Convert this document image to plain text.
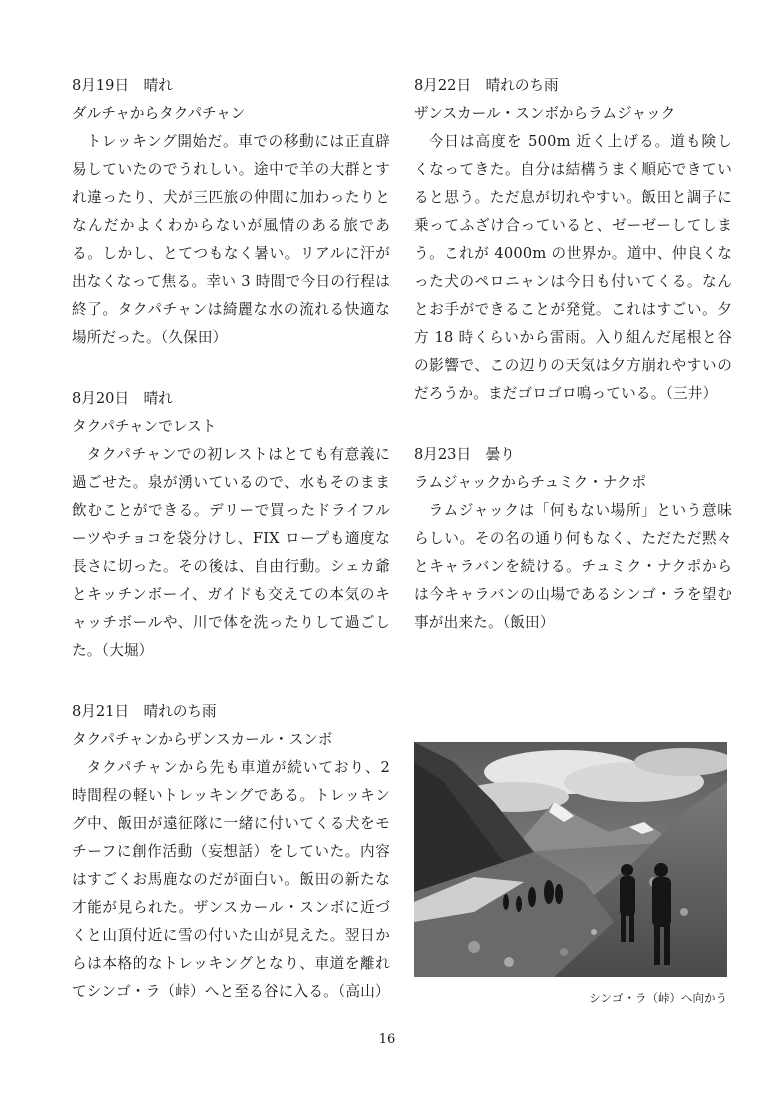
8月19日　晴れ
ダルチャからタクパチャン
トレッキング開始だ。車での移動には正直辟易していたのでうれしい。途中で羊の大群とすれ違ったり、犬が三匹旅の仲間に加わったりとなんだかよくわからないが風情のある旅である。しかし、とてつもなく暑い。リアルに汗が出なくなって焦る。幸い 3 時間で今日の行程は終了。タクパチャンは綺麗な水の流れる快適な場所だった。（久保田）
8月20日　晴れ
タクパチャンでレスト
タクパチャンでの初レストはとても有意義に過ごせた。泉が湧いているので、水もそのまま飲むことができる。デリーで買ったドライフルーツやチョコを袋分けし、FIX ロープも適度な長さに切った。その後は、自由行動。シェカ爺とキッチンボーイ、ガイドも交えての本気のキャッチボールや、川で体を洗ったりして過ごした。（大堀）
8月21日　晴れのち雨
タクパチャンからザンスカール・スンボ
タクパチャンから先も車道が続いており、2 時間程の軽いトレッキングである。トレッキング中、飯田が遠征隊に一緒に付いてくる犬をモチーフに創作活動（妄想話）をしていた。内容はすごくお馬鹿なのだが面白い。飯田の新たな才能が見られた。ザンスカール・スンボに近づくと山頂付近に雪の付いた山が見えた。翌日からは本格的なトレッキングとなり、車道を離れてシンゴ・ラ（峠）へと至る谷に入る。（高山）
8月22日　晴れのち雨
ザンスカール・スンボからラムジャック
今日は高度を 500m 近く上げる。道も険しくなってきた。自分は結構うまく順応できていると思う。ただ息が切れやすい。飯田と調子に乗ってふざけ合っていると、ゼーゼーしてしまう。これが 4000m の世界か。道中、仲良くなった犬のペロニャンは今日も付いてくる。なんとお手ができることが発覚。これはすごい。夕方 18 時くらいから雷雨。入り組んだ尾根と谷の影響で、この辺りの天気は夕方崩れやすいのだろうか。まだゴロゴロ鳴っている。（三井）
8月23日　曇り
ラムジャックからチュミク・ナクポ
ラムジャックは「何もない場所」という意味らしい。その名の通り何もなく、ただただ黙々とキャラバンを続ける。チュミク・ナクポからは今キャラバンの山場であるシンゴ・ラを望む事が出来た。（飯田）
シンゴ・ラ（峠）へ向かう
16
